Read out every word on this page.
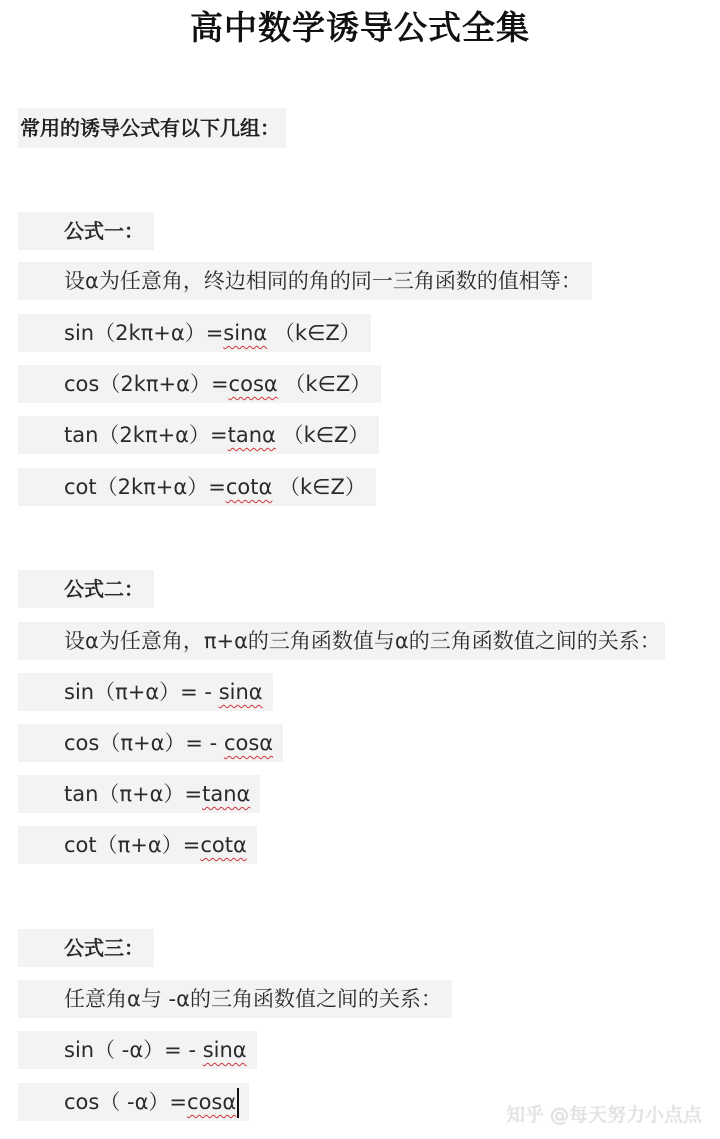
高中数学诱导公式全集
常用的诱导公式有以下几组：
公式一：
设α为任意角，终边相同的角的同一三角函数的值相等：
sin（2kπ+α）=sinα （k∈Z）
cos（2kπ+α）=cosα （k∈Z）
tan（2kπ+α）=tanα （k∈Z）
cot（2kπ+α）=cotα （k∈Z）
公式二：
设α为任意角，π+α的三角函数值与α的三角函数值之间的关系：
sin（π+α）= - sinα
cos（π+α）= - cosα
tan（π+α）=tanα
cot（π+α）=cotα
公式三：
任意角α与 -α的三角函数值之间的关系：
sin（ -α）= - sinα
cos（ -α）=cosα
知乎 @每天努力小点点
